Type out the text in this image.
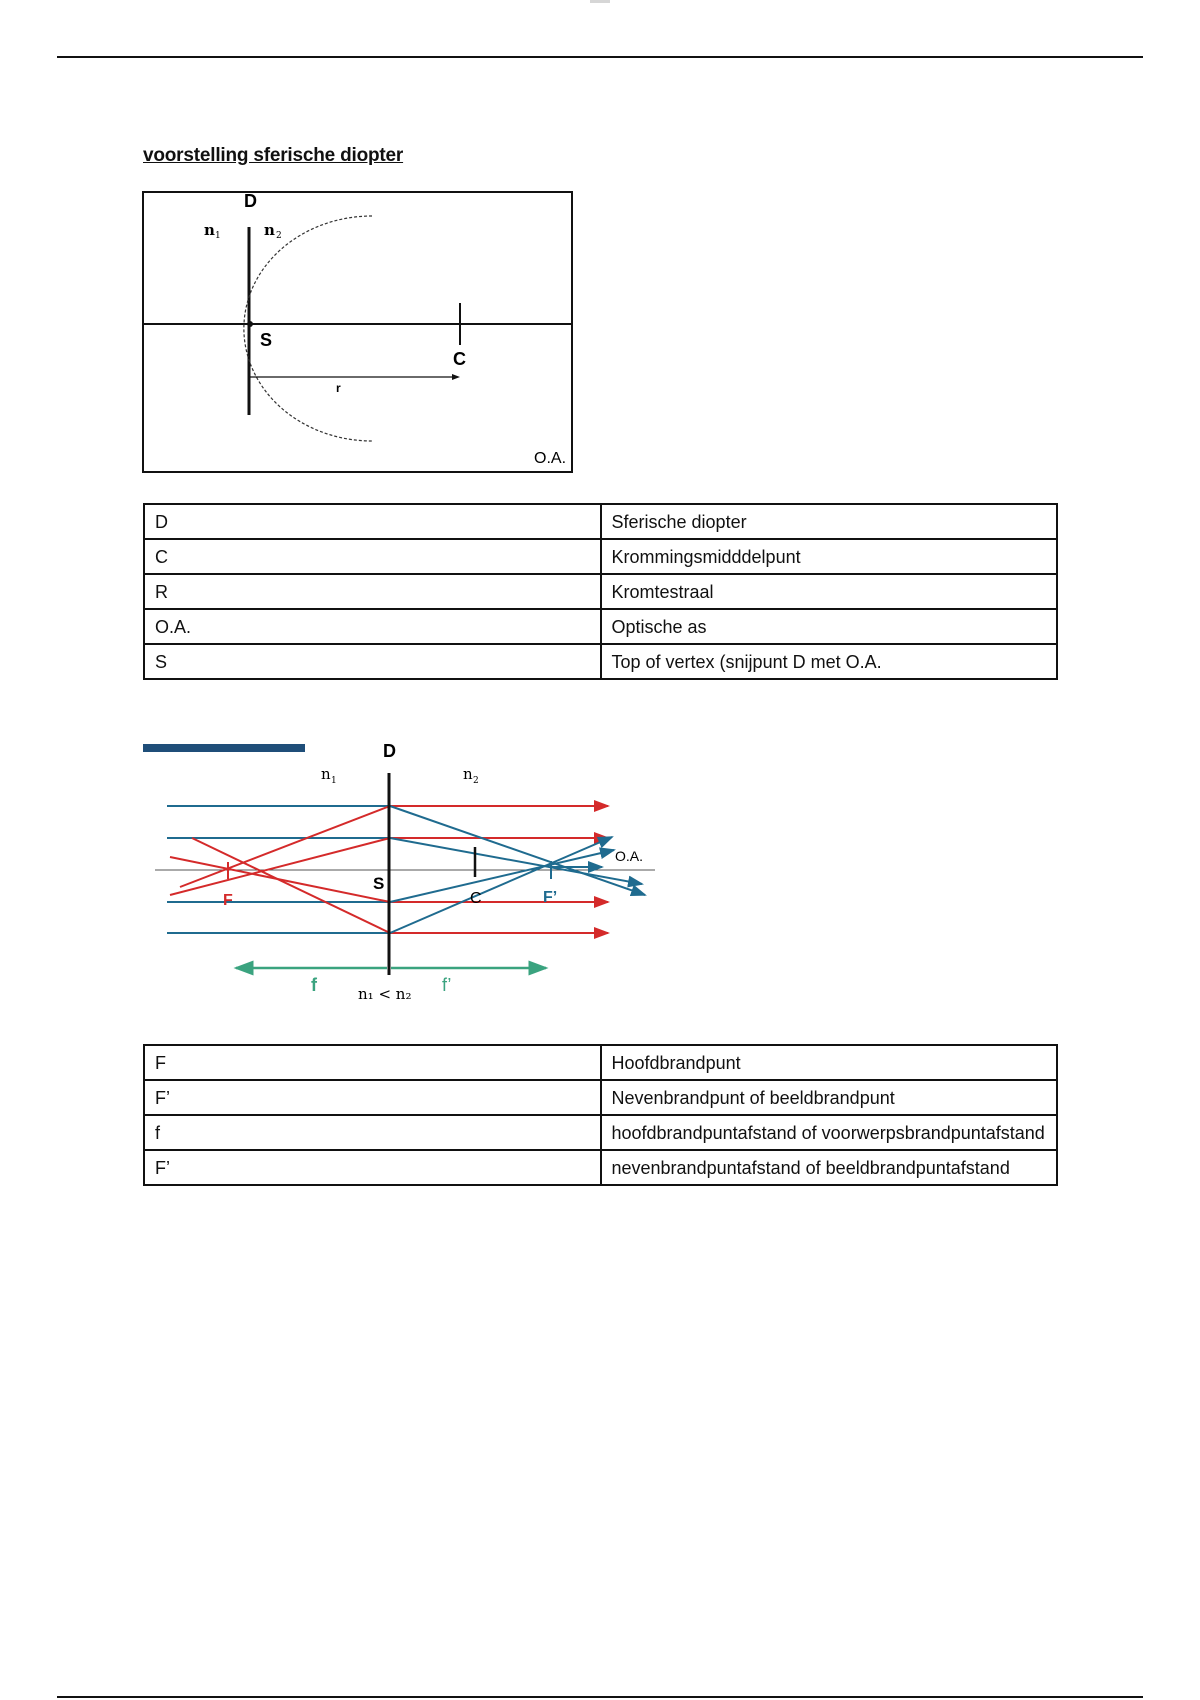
voorstelling sferische diopter
D
n 1	n 2
S
C
r
O.A.
D	Sferische diopter
C	Krommingsmidddelpunt
R	Kromtestraal
O.A.	Optische as
S	Top of vertex (snijpunt D met O.A.
D
n 1	n 2
O.A.
S
C
F	F’
f	f’
n₁ < n₂
F	Hoofdbrandpunt
F’	Nevenbrandpunt of beeldbrandpunt
f	hoofdbrandpuntafstand of voorwerpsbrandpuntafstand
F’	nevenbrandpuntafstand of beeldbrandpuntafstand
